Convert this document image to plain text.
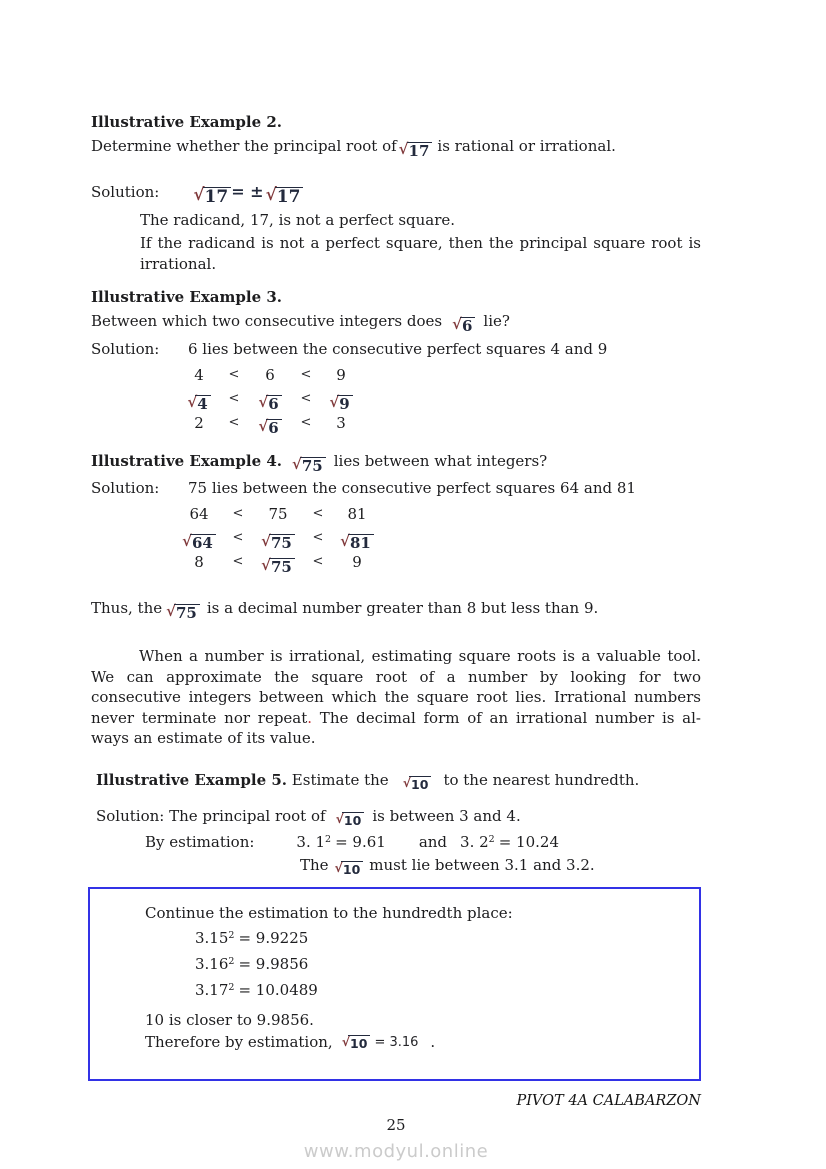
Illustrative Example 2.
Determine whether the principal root of √ 17 is rational or irrational.
Solution: √ 17 = ± √ 17
The radicand, 17, is not a perfect square.
If the radicand is not a perfect square, then the principal square root is
irrational.
Illustrative Example 3.
Between which two consecutive integers does √ 6 lie?
Solution:	6 lies between the consecutive perfect squares 4 and 9
4	<	6	<	9
√ 4	<	√ 6	<	√ 9
2	<	√ 6	<	3
Illustrative Example 4. √ 75 lies between what integers?
Solution:	75 lies between the consecutive perfect squares 64 and 81
64	<	75	<	81
√ 64	<	√ 75	<	√ 81
8	<	√ 75	<	9
Thus, the √ 75 is a decimal number greater than 8 but less than 9.
When a number is irrational, estimating square roots is a valuable tool.
We can approximate the square root of a number by looking for two
consecutive integers between which the square root lies. Irrational numbers
never terminate nor repeat. The decimal form of an irrational number is al-
ways an estimate of its value.
Illustrative Example 5. Estimate the √ 10 to the nearest hundredth.
Solution: The principal root of √ 10 is between 3 and 4.
By estimation:	3. $1^2 = 9.61$ and 3. $2^2 = 10.24$
The √ 10 must lie between 3.1 and 3.2.
Continue the estimation to the hundredth place:
$3.15^2 = 9.9225$
$3.16^2 = 9.9856$
$3.17^2 = 10.0489$
10 is closer to 9.9856.
Therefore by estimation, √ 10 = 3.16 .
PIVOT 4A CALABARZON
25
www.modyul.online
